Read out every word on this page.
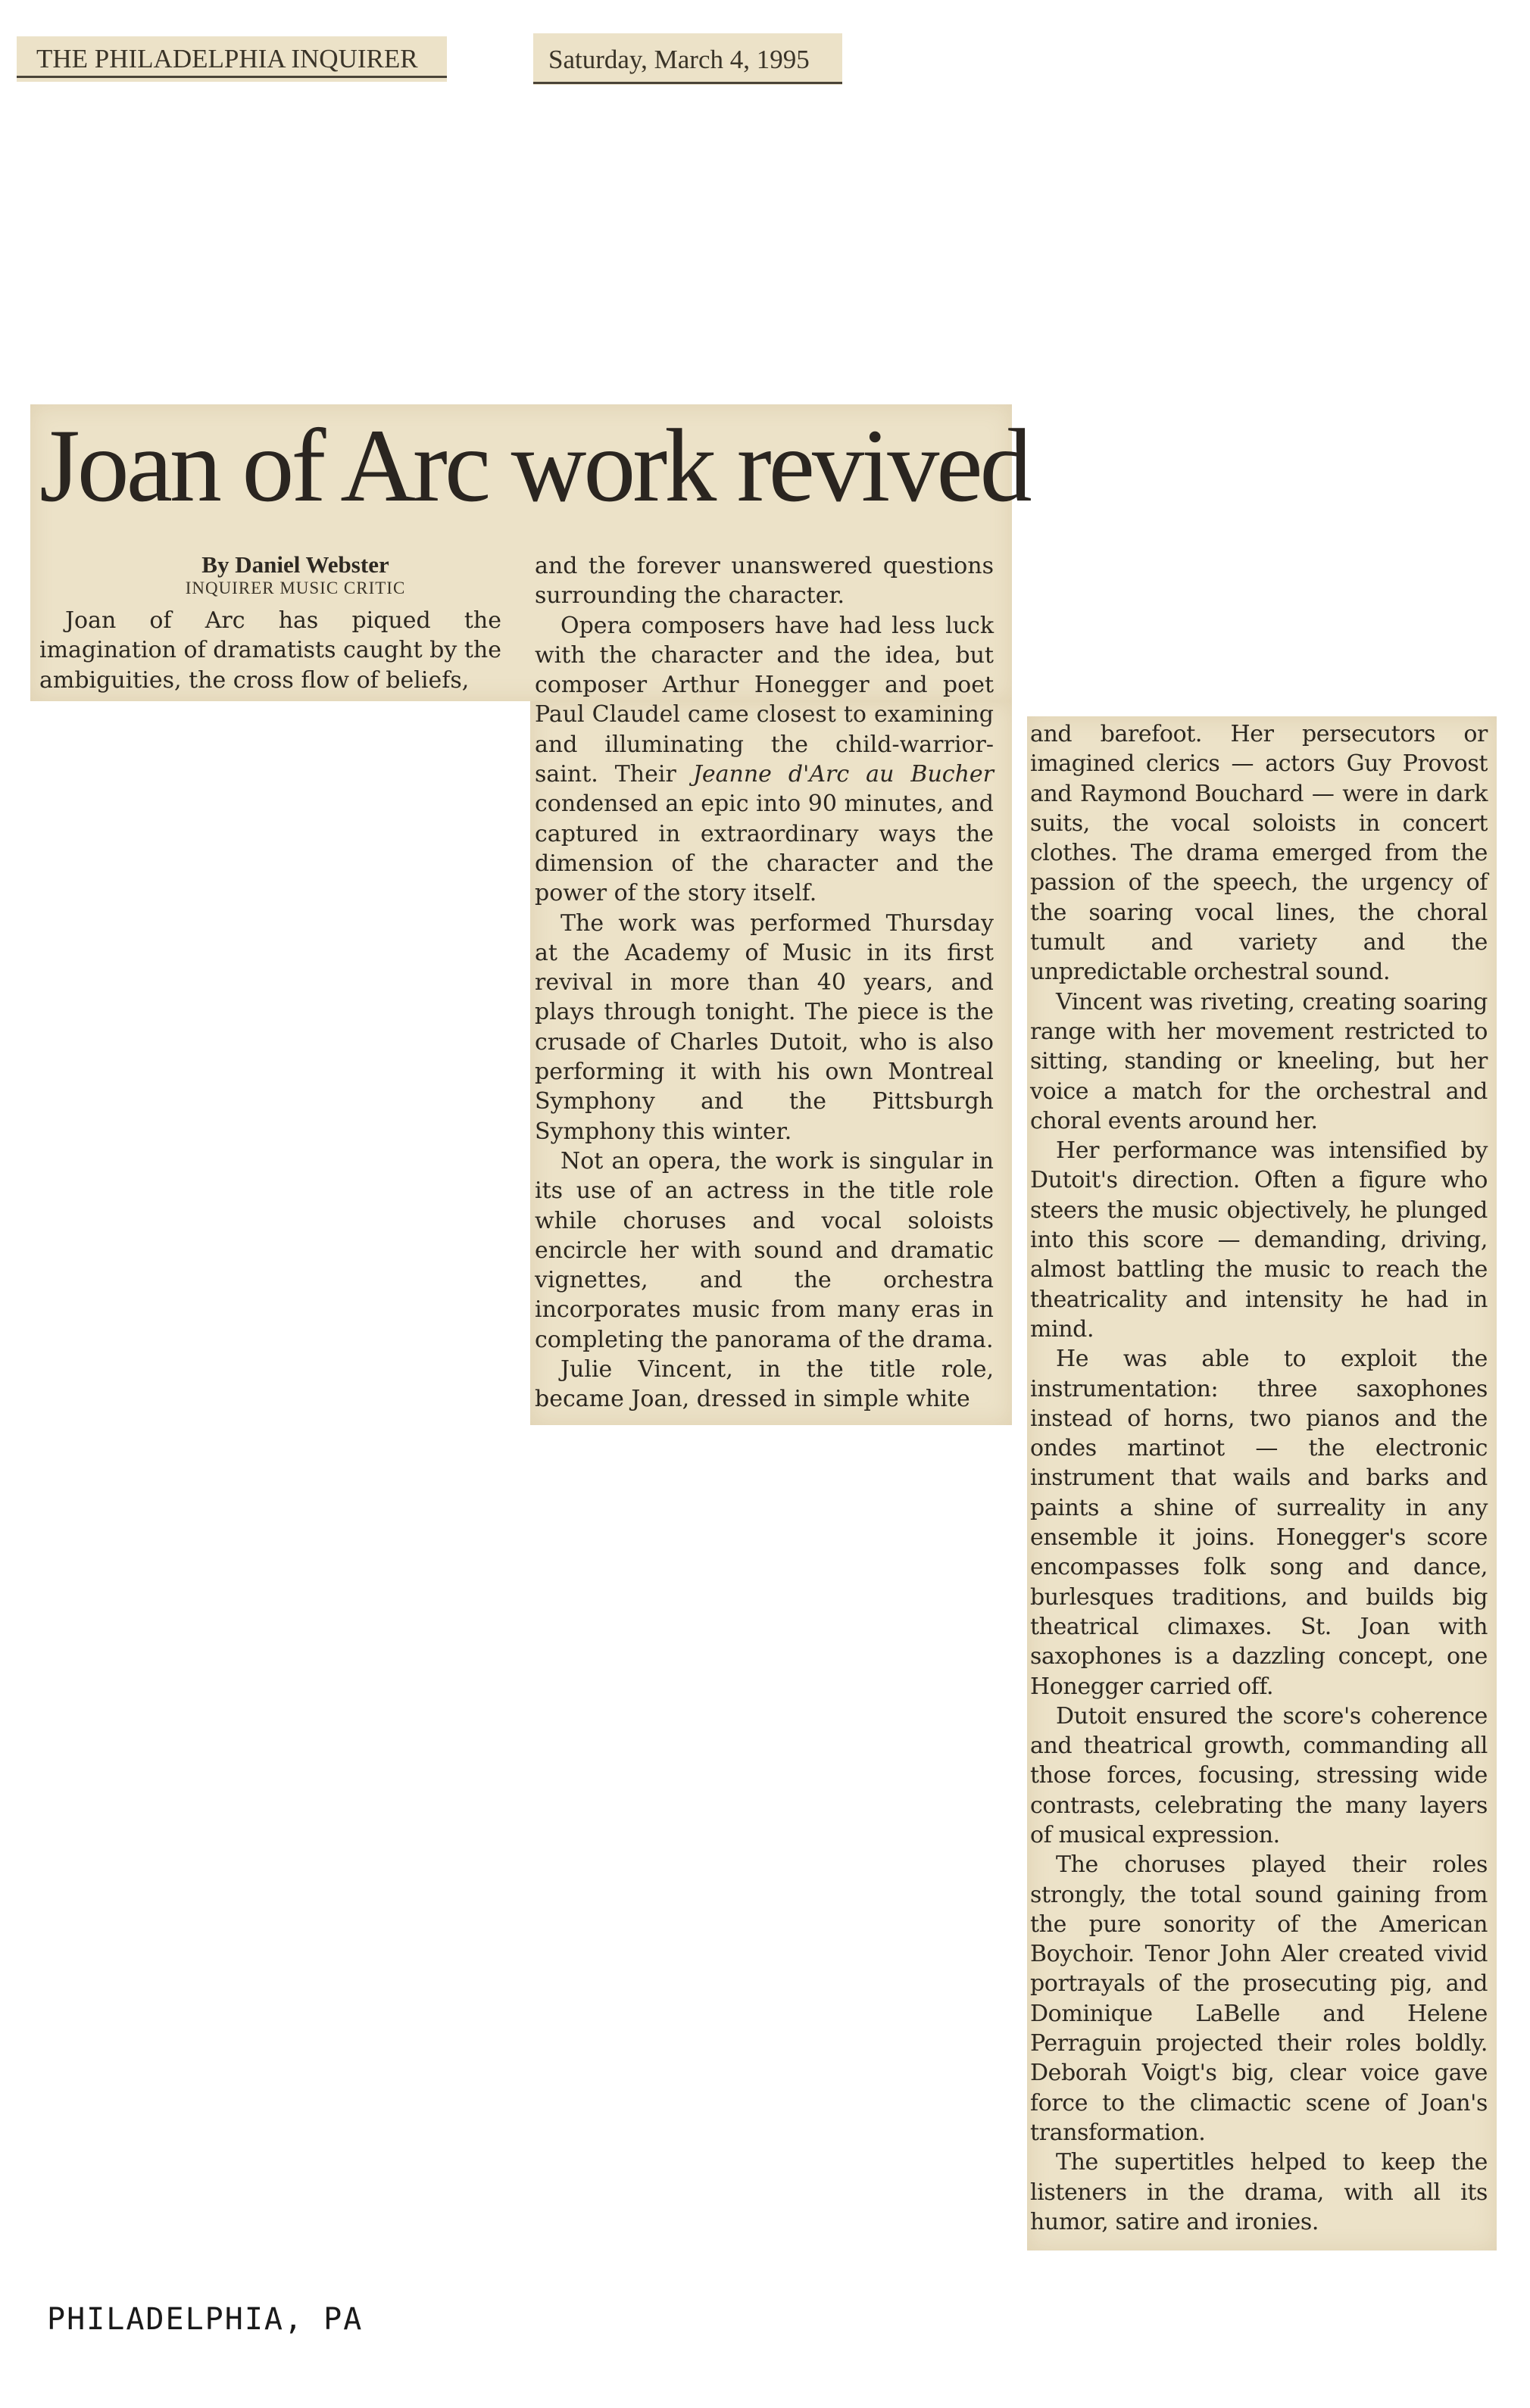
THE PHILADELPHIA INQUIRER	Saturday, March 4, 1995
Joan of Arc work revived
By Daniel Webster
INQUIRER MUSIC CRITIC

Joan of Arc has piqued the imagination of dramatists caught by the ambiguities, the cross flow of beliefs,

and the forever unanswered questions surrounding the character.

Opera composers have had less luck with the character and the idea, but composer Arthur Honegger and poet Paul Claudel came closest to examining and illuminating the child-warrior-saint. Their Jeanne d'Arc au Bucher condensed an epic into 90 minutes, and captured in extraordinary ways the dimension of the character and the power of the story itself.

The work was performed Thursday at the Academy of Music in its first revival in more than 40 years, and plays through tonight. The piece is the crusade of Charles Dutoit, who is also performing it with his own Montreal Symphony and the Pittsburgh Symphony this winter.

Not an opera, the work is singular in its use of an actress in the title role while choruses and vocal soloists encircle her with sound and dramatic vignettes, and the orchestra incorporates music from many eras in completing the panorama of the drama.

Julie Vincent, in the title role, became Joan, dressed in simple white

and barefoot. Her persecutors or imagined clerics — actors Guy Provost and Raymond Bouchard — were in dark suits, the vocal soloists in concert clothes. The drama emerged from the passion of the speech, the urgency of the soaring vocal lines, the choral tumult and variety and the unpredictable orchestral sound.

Vincent was riveting, creating soaring range with her movement restricted to sitting, standing or kneeling, but her voice a match for the orchestral and choral events around her.

Her performance was intensified by Dutoit's direction. Often a figure who steers the music objectively, he plunged into this score — demanding, driving, almost battling the music to reach the theatricality and intensity he had in mind.

He was able to exploit the instrumentation: three saxophones instead of horns, two pianos and the ondes martinot — the electronic instrument that wails and barks and paints a shine of surreality in any ensemble it joins. Honegger's score encompasses folk song and dance, burlesques traditions, and builds big theatrical climaxes. St. Joan with saxophones is a dazzling concept, one Honegger carried off.

Dutoit ensured the score's coherence and theatrical growth, commanding all those forces, focusing, stressing wide contrasts, celebrating the many layers of musical expression.

The choruses played their roles strongly, the total sound gaining from the pure sonority of the American Boychoir. Tenor John Aler created vivid portrayals of the prosecuting pig, and Dominique LaBelle and Helene Perraguin projected their roles boldly. Deborah Voigt's big, clear voice gave force to the climactic scene of Joan's transformation.

The supertitles helped to keep the listeners in the drama, with all its humor, satire and ironies.

PHILADELPHIA, PA
